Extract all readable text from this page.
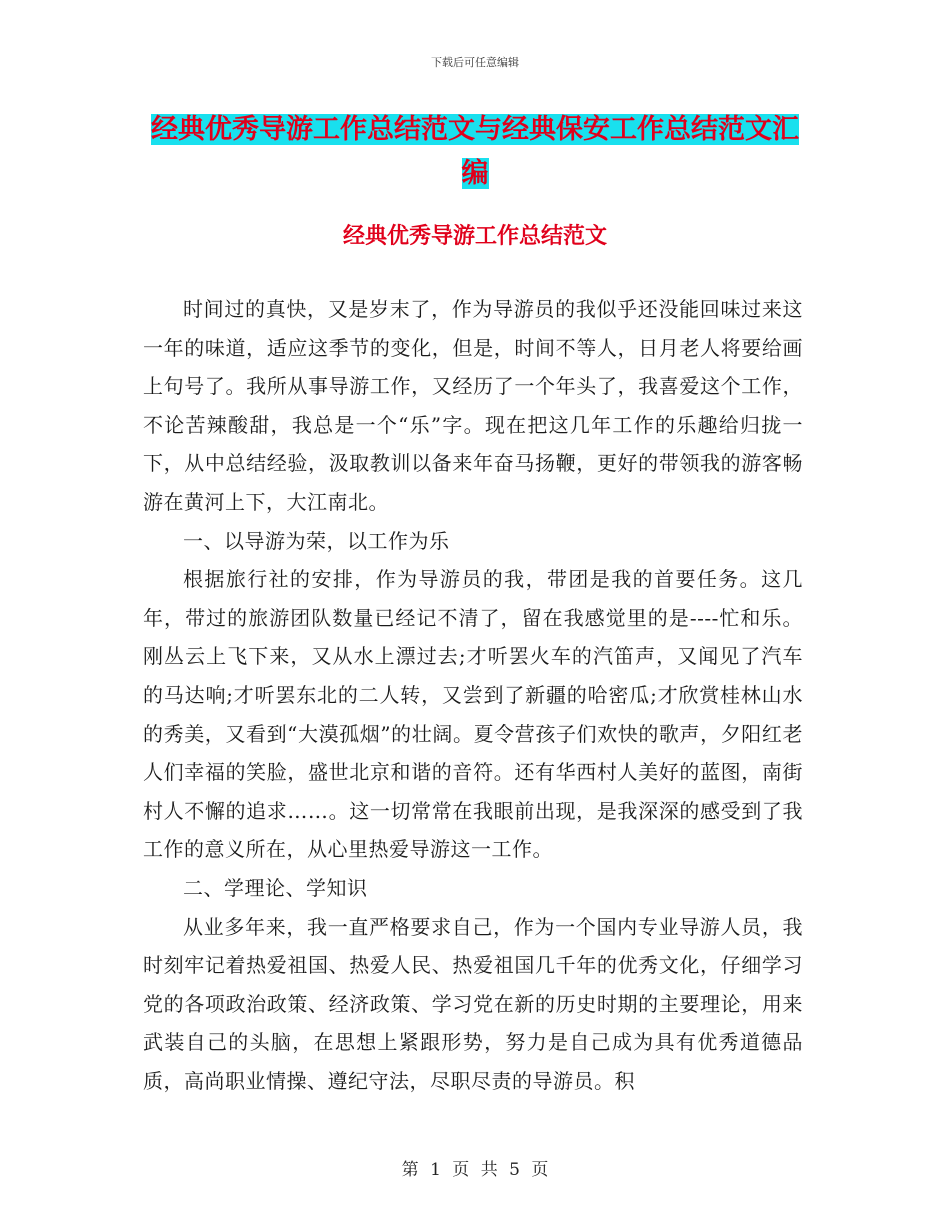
下载后可任意编辑
经典优秀导游工作总结范文与经典保安工作总结范文汇编
经典优秀导游工作总结范文

时间过的真快，又是岁末了，作为导游员的我似乎还没能回味过来这一年的味道，适应这季节的变化，但是，时间不等人，日月老人将要给画上句号了。我所从事导游工作，又经历了一个年头了，我喜爱这个工作，不论苦辣酸甜，我总是一个“乐”字。现在把这几年工作的乐趣给归拢一下，从中总结经验，汲取教训以备来年奋马扬鞭，更好的带领我的游客畅游在黄河上下，大江南北。

一、以导游为荣，以工作为乐

根据旅行社的安排，作为导游员的我，带团是我的首要任务。这几年，带过的旅游团队数量已经记不清了，留在我感觉里的是----忙和乐。刚丛云上飞下来，又从水上漂过去;才听罢火车的汽笛声，又闻见了汽车的马达响;才听罢东北的二人转，又尝到了新疆的哈密瓜;才欣赏桂林山水的秀美，又看到“大漠孤烟”的壮阔。夏令营孩子们欢快的歌声，夕阳红老人们幸福的笑脸，盛世北京和谐的音符。还有华西村人美好的蓝图，南街村人不懈的追求……。这一切常常在我眼前出现，是我深深的感受到了我工作的意义所在，从心里热爱导游这一工作。

二、学理论、学知识

从业多年来，我一直严格要求自己，作为一个国内专业导游人员，我时刻牢记着热爱祖国、热爱人民、热爱祖国几千年的优秀文化，仔细学习党的各项政治政策、经济政策、学习党在新的历史时期的主要理论，用来武装自己的头脑，在思想上紧跟形势，努力是自己成为具有优秀道德品质，高尚职业情操、遵纪守法，尽职尽责的导游员。积

第 1 页 共 5 页
